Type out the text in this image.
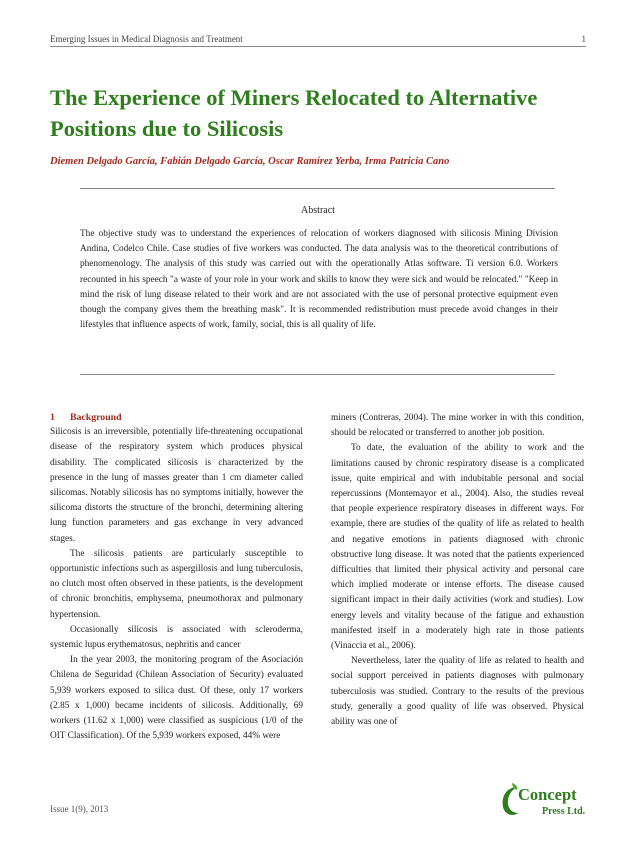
Emerging Issues in Medical Diagnosis and Treatment	1
The Experience of Miners Relocated to Alternative Positions due to Silicosis
Diemen Delgado García, Fabián Delgado García, Oscar Ramírez Yerba, Irma Patricia Cano
Abstract

The objective study was to understand the experiences of relocation of workers diagnosed with silicosis Mining Division Andina, Codelco Chile. Case studies of five workers was conducted. The data analysis was to the theoretical contributions of phenomenology. The analysis of this study was carried out with the operationally Atlas software. Ti version 6.0. Workers recounted in his speech "a waste of your role in your work and skills to know they were sick and would be relocated." "Keep in mind the risk of lung disease related to their work and are not associated with the use of personal protective equipment even though the company gives them the breathing mask". It is recommended redistribution must precede avoid changes in their lifestyles that influence aspects of work, family, social, this is all quality of life.

1 Background

Silicosis is an irreversible, potentially life-threatening occupational disease of the respiratory system which produces physical disability. The complicated silicosis is characterized by the presence in the lung of masses greater than 1 cm diameter called silicomas. Notably silicosis has no symptoms initially, however the silicoma distorts the structure of the bronchi, determining altering lung function parameters and gas exchange in very advanced stages.

The silicosis patients are particularly susceptible to opportunistic infections such as aspergillosis and lung tuberculosis, no clutch most often observed in these patients, is the development of chronic bronchitis, emphysema, pneumothorax and pulmonary hypertension.

Occasionally silicosis is associated with scleroderma, systemic lupus erythematosus, nephritis and cancer

In the year 2003, the monitoring program of the Asociación Chilena de Seguridad (Chilean Association of Security) evaluated 5,939 workers exposed to silica dust. Of these, only 17 workers (2.85 x 1,000) became incidents of silicosis. Additionally, 69 workers (11.62 x 1,000) were classified as suspicious (1/0 of the OIT Classification). Of the 5,939 workers exposed, 44% were

miners (Contreras, 2004). The mine worker in with this condition, should be relocated or transferred to another job position.

To date, the evaluation of the ability to work and the limitations caused by chronic respiratory disease is a complicated issue, quite empirical and with indubitable personal and social repercussions (Montemayor et al., 2004). Also, the studies reveal that people experience respiratory diseases in different ways. For example, there are studies of the quality of life as related to health and negative emotions in patients diagnosed with chronic obstructive lung disease. It was noted that the patients experienced difficulties that limited their physical activity and personal care which implied moderate or intense efforts. The disease caused significant impact in their daily activities (work and studies). Low energy levels and vitality because of the fatigue and exhaustion manifested itself in a moderately high rate in those patients (Vinaccia et al., 2006).

Nevertheless, later the quality of life as related to health and social support perceived in patients diagnoses with pulmonary tuberculosis was studied. Contrary to the results of the previous study, generally a good quality of life was observed. Physical ability was one of

Issue 1(9), 2013
Concept
Press Ltd.
